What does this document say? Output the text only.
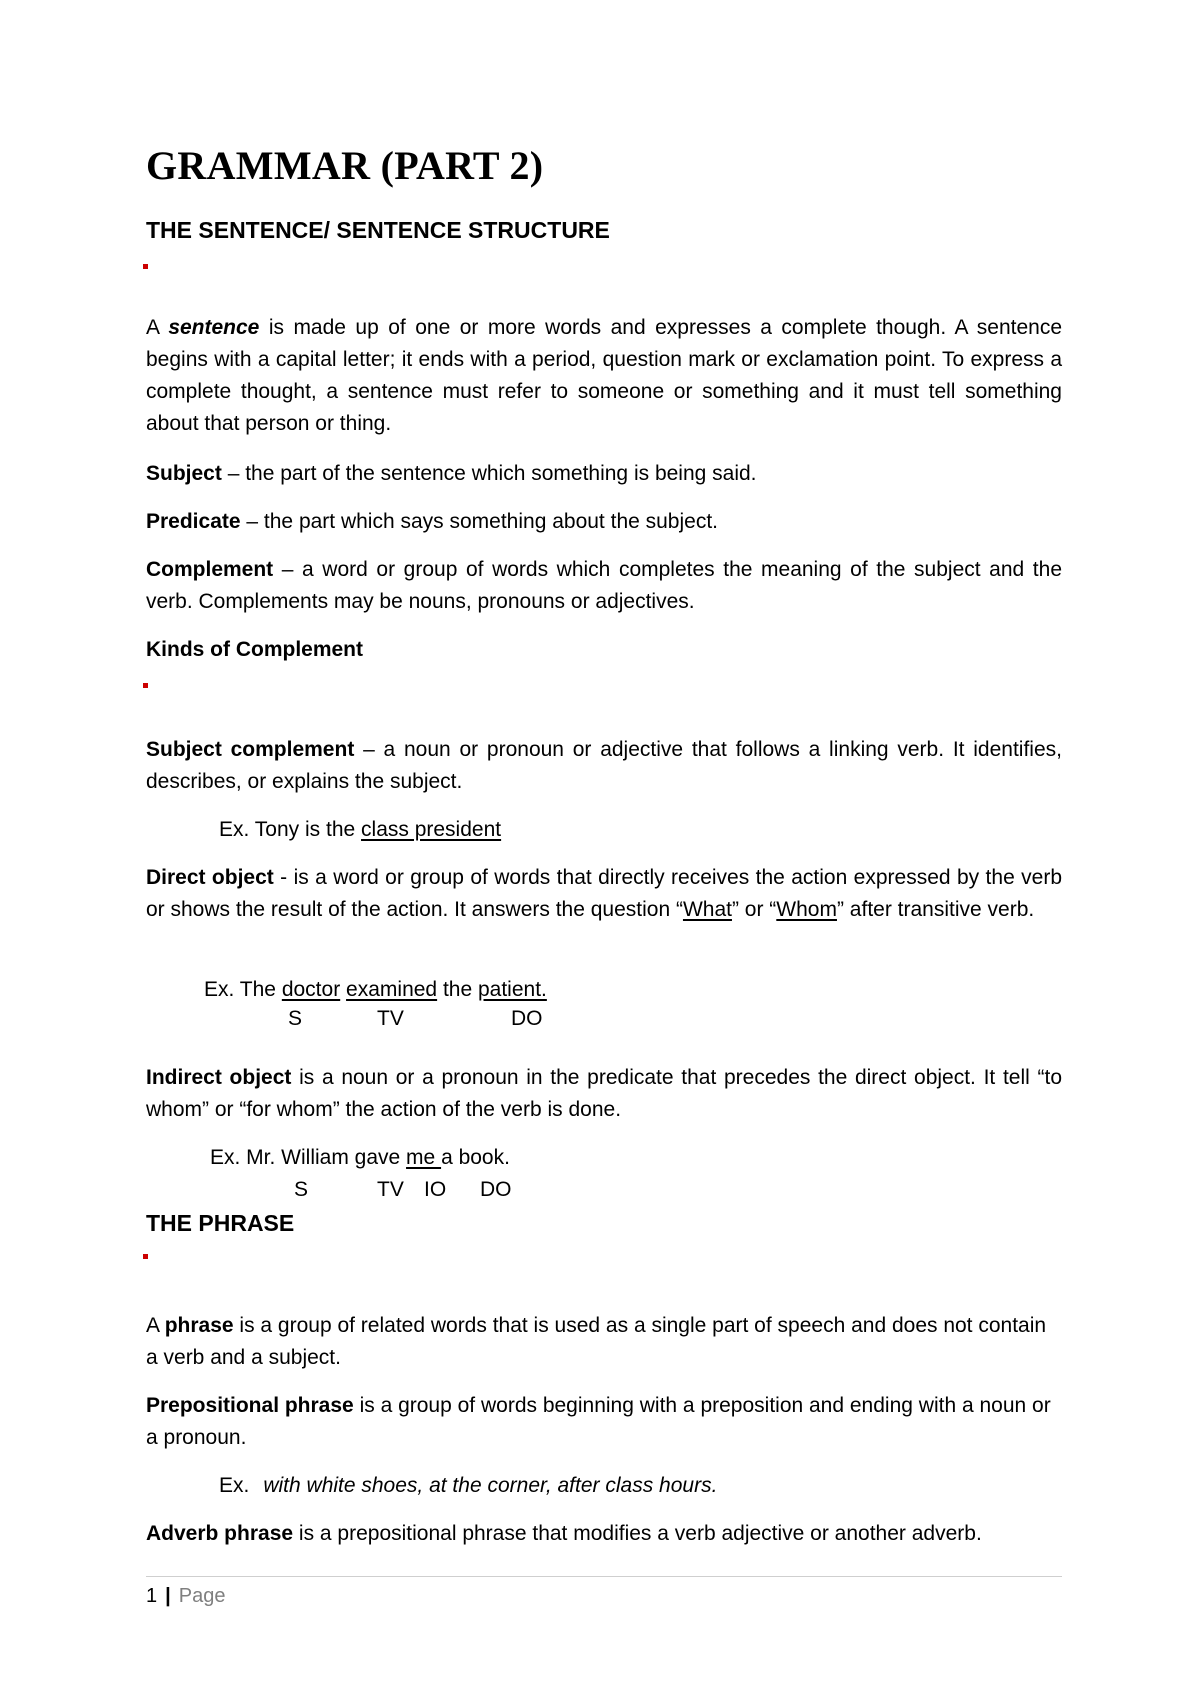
GRAMMAR (PART 2)
THE SENTENCE/ SENTENCE STRUCTURE

A sentence is made up of one or more words and expresses a complete though. A sentence begins with a capital letter; it ends with a period, question mark or exclamation point. To express a complete thought, a sentence must refer to someone or something and it must tell something about that person or thing.

Subject – the part of the sentence which something is being said.

Predicate – the part which says something about the subject.

Complement – a word or group of words which completes the meaning of the subject and the verb. Complements may be nouns, pronouns or adjectives.

Kinds of Complement

Subject complement – a noun or pronoun or adjective that follows a linking verb. It identifies, describes, or explains the subject.

Ex. Tony is the class president

Direct object - is a word or group of words that directly receives the action expressed by the verb or shows the result of the action. It answers the question “What” or “Whom” after transitive verb.

Ex. The doctor examined the patient.
S	TV	DO

Indirect object is a noun or a pronoun in the predicate that precedes the direct object. It tell “to whom” or “for whom” the action of the verb is done.

Ex. Mr. William gave me a book.
S	TV IO DO
THE PHRASE

A phrase is a group of related words that is used as a single part of speech and does not contain a verb and a subject.

Prepositional phrase is a group of words beginning with a preposition and ending with a noun or a pronoun.

Ex. with white shoes, at the corner, after class hours.

Adverb phrase is a prepositional phrase that modifies a verb adjective or another adverb.

1 | Page
